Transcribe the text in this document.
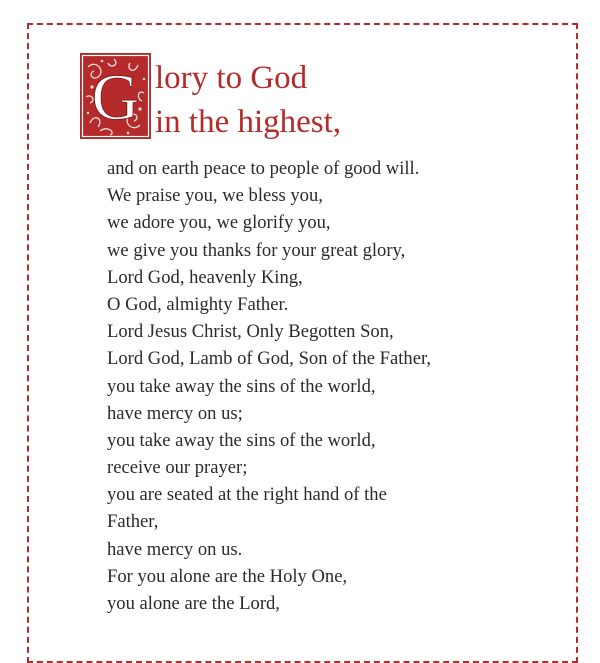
G lory to God
in the highest,
and on earth peace to people of good will.
We praise you, we bless you,
we adore you, we glorify you,
we give you thanks for your great glory,
Lord God, heavenly King,
O God, almighty Father.
Lord Jesus Christ, Only Begotten Son,
Lord God, Lamb of God, Son of the Father,
you take away the sins of the world,
have mercy on us;
you take away the sins of the world,
receive our prayer;
you are seated at the right hand of the
Father,
have mercy on us.
For you alone are the Holy One,
you alone are the Lord,
